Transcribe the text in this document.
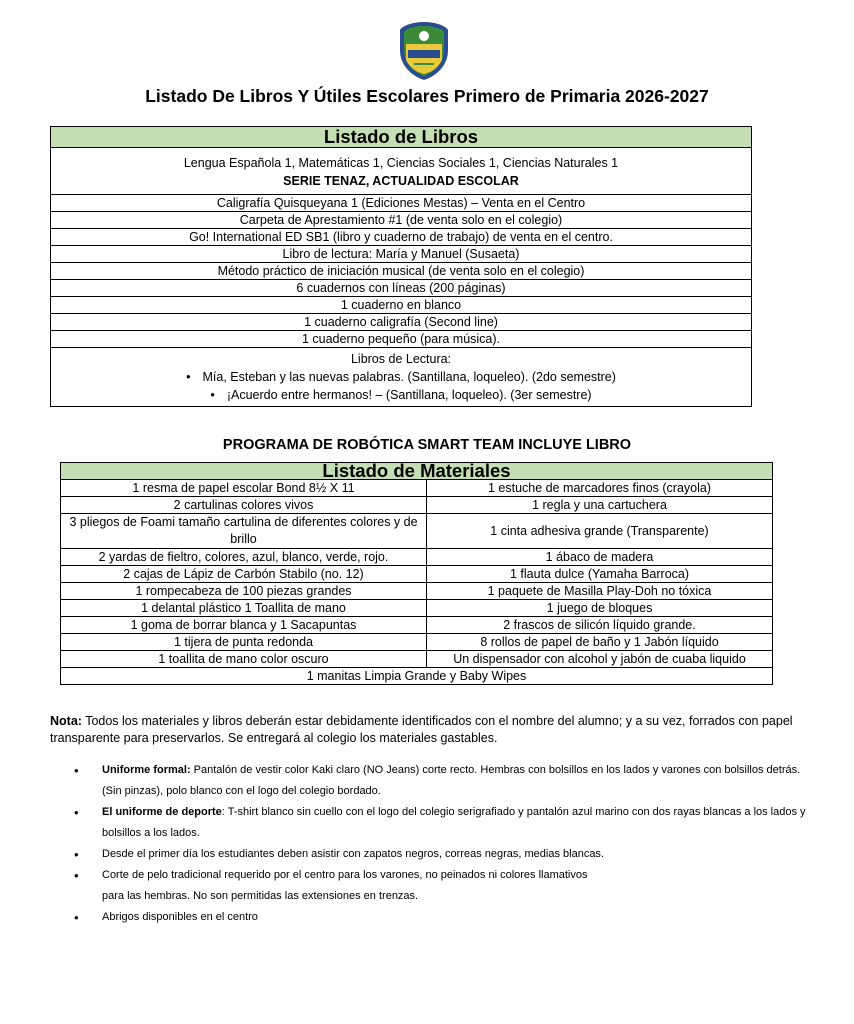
Listado De Libros Y Útiles Escolares Primero de Primaria 2026-2027
Listado de Libros

Lengua Española 1, Matemáticas 1, Ciencias Sociales 1, Ciencias Naturales 1
SERIE TENAZ, ACTUALIDAD ESCOLAR

Caligrafía Quisqueyana 1 (Ediciones Mestas) – Venta en el Centro
Carpeta de Aprestamiento #1 (de venta solo en el colegio)
Go! International ED SB1 (libro y cuaderno de trabajo) de venta en el centro.
Libro de lectura: María y Manuel (Susaeta)
Método práctico de iniciación musical (de venta solo en el colegio)
6 cuadernos con líneas (200 páginas)
1 cuaderno en blanco
1 cuaderno caligrafía (Second line)
1 cuaderno pequeño (para música).

Libros de Lectura:
• Mía, Esteban y las nuevas palabras. (Santillana, loqueleo). (2do semestre)
• ¡Acuerdo entre hermanos! – (Santillana, loqueleo). (3er semestre)
PROGRAMA DE ROBÓTICA SMART TEAM INCLUYE LIBRO
Listado de Materiales	
1 resma de papel escolar Bond 8½ X 11	1 estuche de marcadores finos (crayola)
2 cartulinas colores vivos	1 regla y una cartuchera
3 pliegos de Foami tamaño cartulina de diferentes colores y de brillo	1 cinta adhesiva grande (Transparente)
2 yardas de fieltro, colores, azul, blanco, verde, rojo.	1 ábaco de madera
2 cajas de Lápiz de Carbón Stabilo (no. 12)	1 flauta dulce (Yamaha Barroca)
1 rompecabeza de 100 piezas grandes	1 paquete de Masilla Play-Doh no tóxica
1 delantal plástico 1 Toallita de mano	1 juego de bloques
1 goma de borrar blanca y 1 Sacapuntas	2 frascos de silicón líquido grande.
1 tijera de punta redonda	8 rollos de papel de baño y 1 Jabón líquido
1 toallita de mano color oscuro	Un dispensador con alcohol y jabón de cuaba liquido
1 manitas Limpia Grande y Baby Wipes	
Nota: Todos los materiales y libros deberán estar debidamente identificados con el nombre del alumno; y a su vez, forrados con papel transparente para preservarlos. Se entregará al colegio los materiales gastables.
• Uniforme formal: Pantalón de vestir color Kaki claro (NO Jeans) corte recto. Hembras con bolsillos en los lados y varones con bolsillos detrás. (Sin pinzas), polo blanco con el logo del colegio bordado.
• El uniforme de deporte: T-shirt blanco sin cuello con el logo del colegio serigrafiado y pantalón azul marino con dos rayas blancas a los lados y bolsillos a los lados.
• Desde el primer día los estudiantes deben asistir con zapatos negros, correas negras, medias blancas.
• Corte de pelo tradicional requerido por el centro para los varones, no peinados ni colores llamativos
para las hembras. No son permitidas las extensiones en trenzas.
• Abrigos disponibles en el centro
